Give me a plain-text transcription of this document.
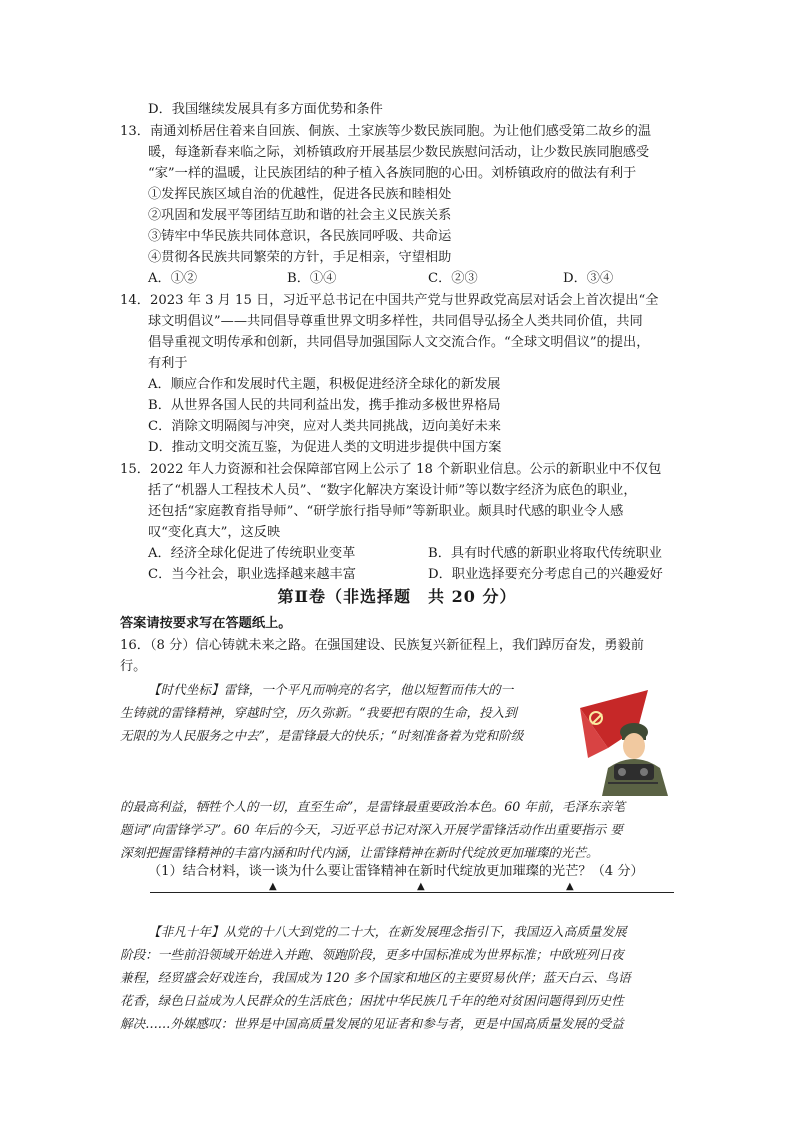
D．我国继续发展具有多方面优势和条件
13．南通刘桥居住着来自回族、侗族、土家族等少数民族同胞。为让他们感受第二故乡的温
暖，每逢新春来临之际，刘桥镇政府开展基层少数民族慰问活动，让少数民族同胞感受
“家”一样的温暖，让民族团结的种子植入各族同胞的心田。刘桥镇政府的做法有利于
①发挥民族区域自治的优越性，促进各民族和睦相处
②巩固和发展平等团结互助和谐的社会主义民族关系
③铸牢中华民族共同体意识，各民族同呼吸、共命运
④贯彻各民族共同繁荣的方针，手足相亲，守望相助
A．①②	B．①④	C．②③	D．③④
14．2023 年 3 月 15 日，习近平总书记在中国共产党与世界政党高层对话会上首次提出“全
球文明倡议”——共同倡导尊重世界文明多样性，共同倡导弘扬全人类共同价值，共同
倡导重视文明传承和创新，共同倡导加强国际人文交流合作。“全球文明倡议”的提出，
有利于
A．顺应合作和发展时代主题，积极促进经济全球化的新发展
B．从世界各国人民的共同利益出发，携手推动多极世界格局
C．消除文明隔阂与冲突，应对人类共同挑战，迈向美好未来
D．推动文明交流互鉴，为促进人类的文明进步提供中国方案
15．2022 年人力资源和社会保障部官网上公示了 18 个新职业信息。公示的新职业中不仅包
括了“机器人工程技术人员”、“数字化解决方案设计师”等以数字经济为底色的职业，
还包括“家庭教育指导师”、“研学旅行指导师”等新职业。颇具时代感的职业令人感
叹“变化真大”，这反映
A．经济全球化促进了传统职业变革	B．具有时代感的新职业将取代传统职业
C．当今社会，职业选择越来越丰富	D．职业选择要充分考虑自己的兴趣爱好
第Ⅱ卷（非选择题　共 20 分）
答案请按要求写在答题纸上。
16．（8 分）信心铸就未来之路。在强国建设、民族复兴新征程上，我们踔厉奋发，勇毅前
行。
【时代坐标】雷锋，一个平凡而响亮的名字，他以短暂而伟大的一
生铸就的雷锋精神，穿越时空，历久弥新。“我要把有限的生命，投入到
无限的为人民服务之中去”，是雷锋最大的快乐；“时刻准备着为党和阶级
的最高利益，牺牲个人的一切，直至生命”，是雷锋最重要政治本色。60 年前，毛泽东亲笔
题词“向雷锋学习”。60 年后的今天，习近平总书记对深入开展学雷锋活动作出重要指示 要
深刻把握雷锋精神的丰富内涵和时代内涵，让雷锋精神在新时代绽放更加璀璨的光芒。
（1）结合材料，谈一谈为什么要让雷锋精神在新时代绽放更加璀璨的光芒？（4 分）
▲	▲	▲
【非凡十年】从党的十八大到党的二十大，在新发展理念指引下，我国迈入高质量发展
阶段：一些前沿领域开始进入并跑、领跑阶段，更多中国标准成为世界标准；中欧班列日夜
兼程，经贸盛会好戏连台，我国成为 120 多个国家和地区的主要贸易伙伴；蓝天白云、鸟语
花香，绿色日益成为人民群众的生活底色；困扰中华民族几千年的绝对贫困问题得到历史性
解决……外媒感叹：世界是中国高质量发展的见证者和参与者，更是中国高质量发展的受益
